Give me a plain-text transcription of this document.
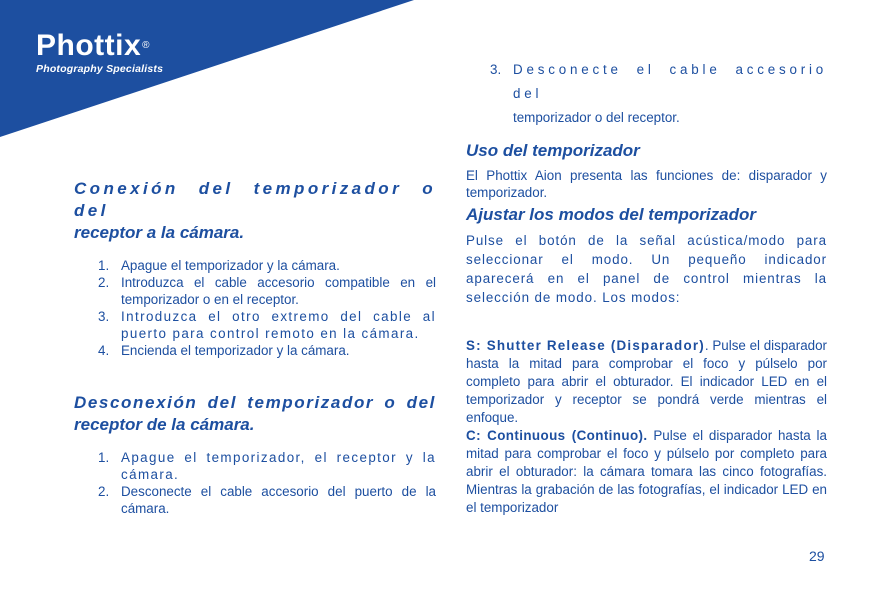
Phottix®
Photography Specialists
Conexión del temporizador o del
receptor a la cámara.
1. Apague el temporizador y la cámara.
2. Introduzca el cable accesorio compatible en el temporizador o en el receptor.
3. Introduzca el otro extremo del cable al puerto para control remoto en la cámara.
4. Encienda el temporizador y la cámara.
Desconexión del temporizador o del
receptor de la cámara.
1. Apague el temporizador, el receptor y la cámara.
2. Desconecte el cable accesorio del puerto de la cámara.
3. Desconecte el cable accesorio del
temporizador o del receptor.
Uso del temporizador

El Phottix Aion presenta las funciones de: disparador y temporizador.

Ajustar los modos del temporizador

Pulse el botón de la señal acústica/modo para seleccionar el modo. Un pequeño indicador aparecerá en el panel de control mientras la selección de modo. Los modos:

S: Shutter Release (Disparador). Pulse el disparador hasta la mitad para comprobar el foco y púlselo por completo para abrir el obturador. El indicador LED en el temporizador y receptor se pondrá verde mientras el enfoque.

C: Continuous (Continuo). Pulse el disparador hasta la mitad para comprobar el foco y púlselo por completo para abrir el obturador: la cámara tomara las cinco fotografías. Mientras la grabación de las fotografías, el indicador LED en el temporizador

29
